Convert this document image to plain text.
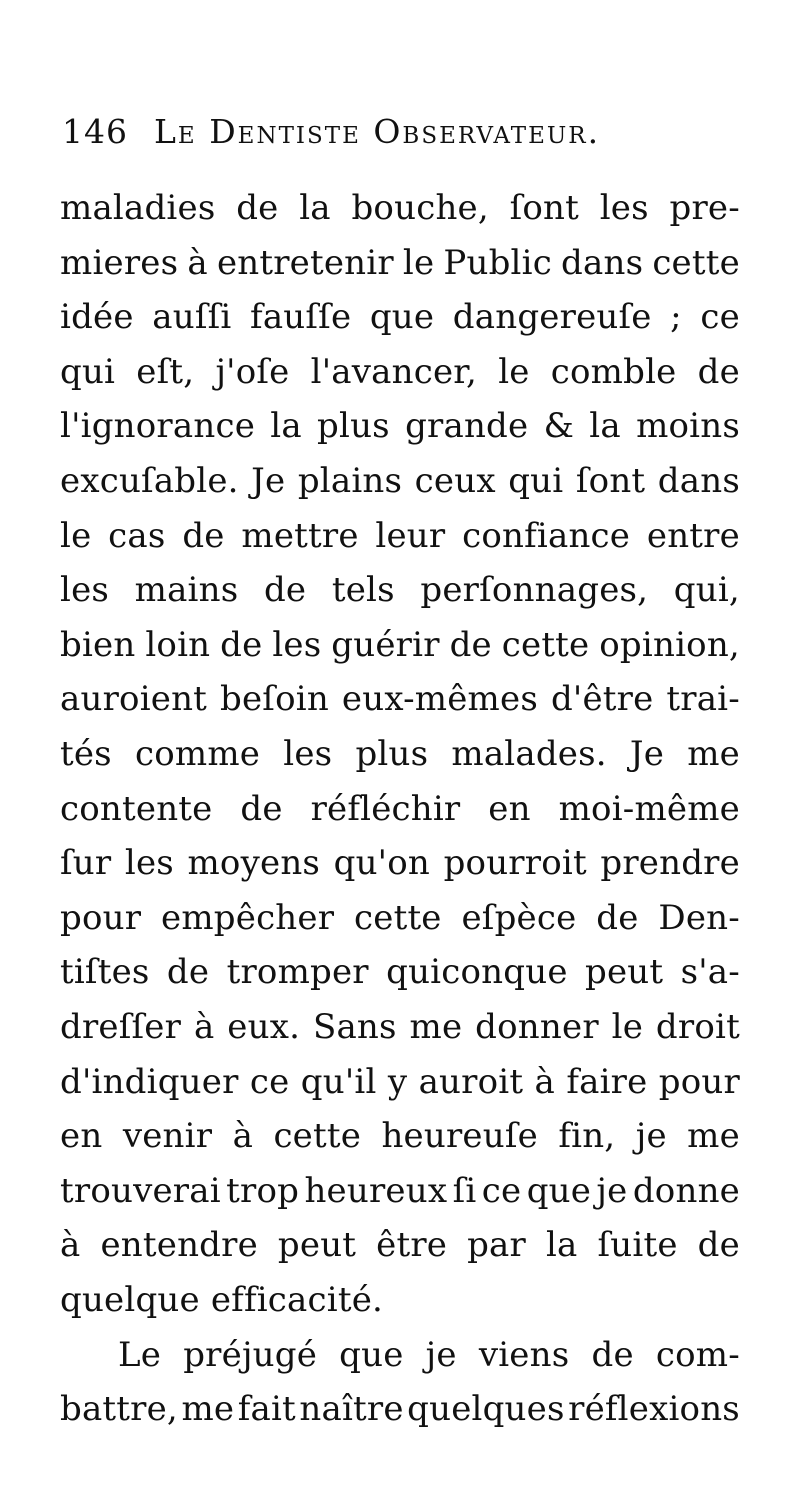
146 Le Dentiste Observateur.
maladies de la bouche, ſont les pre-
mieres à entretenir le Public dans cette
idée auſſi fauſſe que dangereuſe ; ce
qui eſt, j'oſe l'avancer, le comble de
l'ignorance la plus grande & la moins
excuſable. Je plains ceux qui ſont dans
le cas de mettre leur confiance entre
les mains de tels perſonnages, qui,
bien loin de les guérir de cette opinion,
auroient beſoin eux-mêmes d'être trai-
tés comme les plus malades. Je me
contente de réfléchir en moi-même
ſur les moyens qu'on pourroit prendre
pour empêcher cette eſpèce de Den-
tiſtes de tromper quiconque peut s'a-
dreſſer à eux. Sans me donner le droit
d'indiquer ce qu'il y auroit à faire pour
en venir à cette heureuſe fin, je me
trouverai trop heureux ſi ce que je donne
à entendre peut être par la ſuite de
quelque efficacité.
Le préjugé que je viens de com-
battre, me fait naître quelques réflexions
